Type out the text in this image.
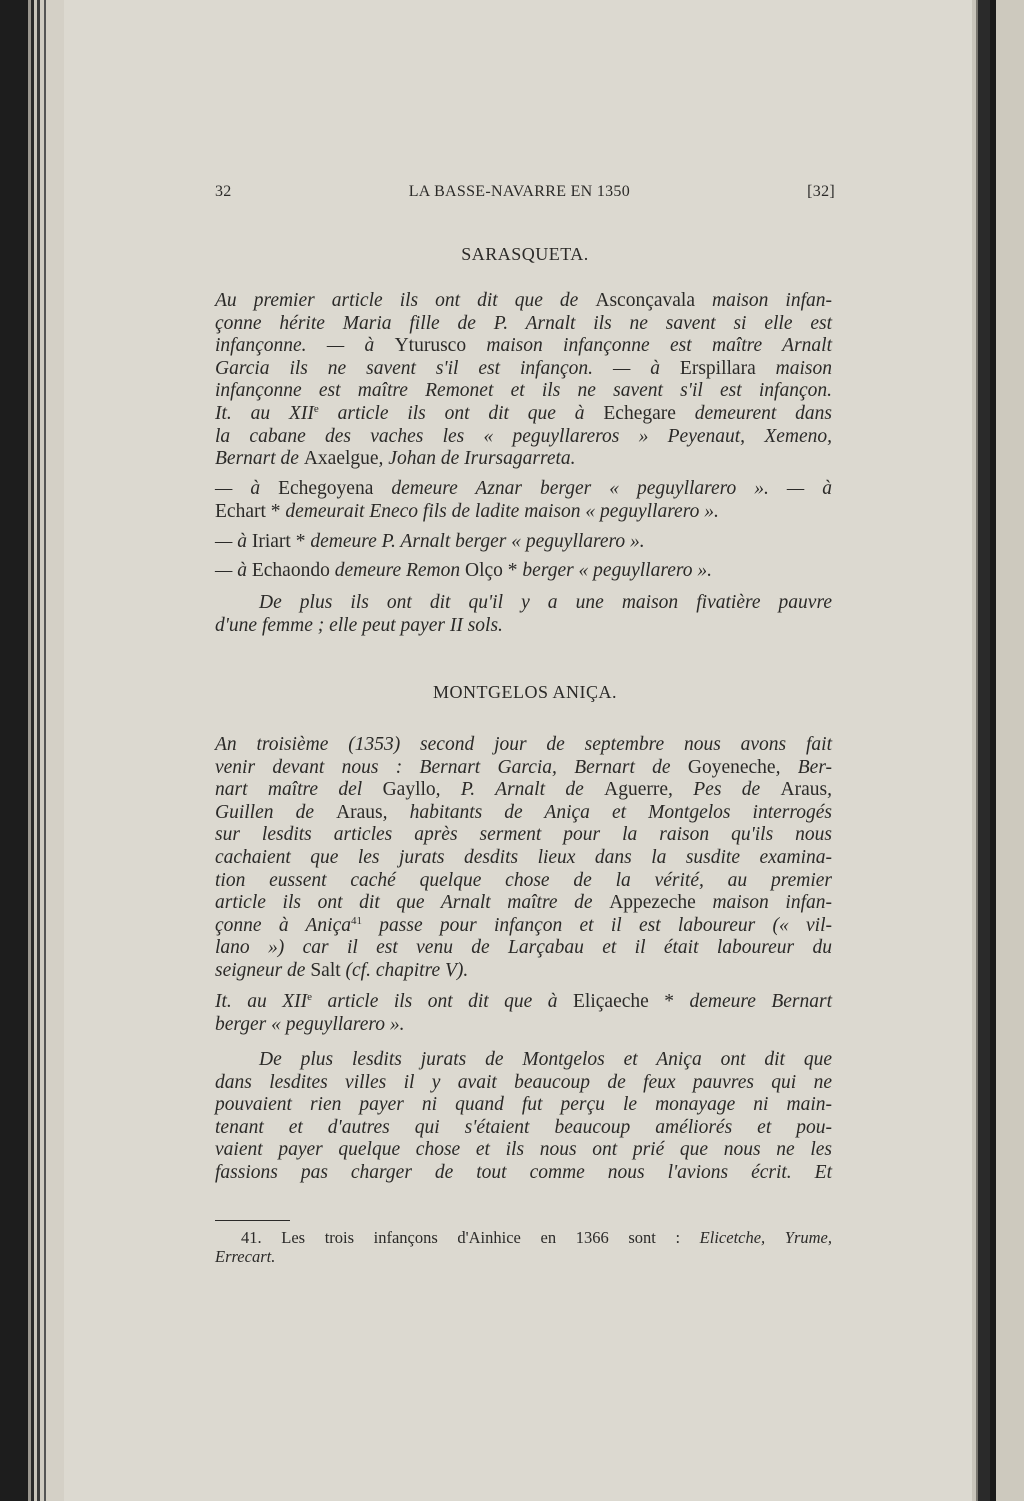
32	LA BASSE-NAVARRE EN 1350	[32]
SARASQUETA.
MONTGELOS ANIÇA.
Au premier article ils ont dit que de Asconçavala maison infan-
çonne hérite Maria fille de P. Arnalt ils ne savent si elle est
infançonne. — à Yturusco maison infançonne est maître Arnalt
Garcia ils ne savent s'il est infançon. — à Erspillara maison
infançonne est maître Remonet et ils ne savent s'il est infançon.
It. au XIIe article ils ont dit que à Echegare demeurent dans
la cabane des vaches les « peguyllareros » Peyenaut, Xemeno,
Bernart de Axaelgue, Johan de Irursagarreta.
— à Echegoyena demeure Aznar berger « peguyllarero ». — à
Echart * demeurait Eneco fils de ladite maison « peguyllarero ».
— à Iriart * demeure P. Arnalt berger « peguyllarero ».
— à Echaondo demeure Remon Olço * berger « peguyllarero ».
De plus ils ont dit qu'il y a une maison fivatière pauvre
d'une femme ; elle peut payer II sols.
An troisième (1353) second jour de septembre nous avons fait
venir devant nous : Bernart Garcia, Bernart de Goyeneche, Ber-
nart maître del Gayllo, P. Arnalt de Aguerre, Pes de Araus,
Guillen de Araus, habitants de Aniça et Montgelos interrogés
sur lesdits articles après serment pour la raison qu'ils nous
cachaient que les jurats desdits lieux dans la susdite examina-
tion eussent caché quelque chose de la vérité, au premier
article ils ont dit que Arnalt maître de Appezeche maison infan-
çonne à Aniça$^{41}$ passe pour infançon et il est laboureur (« vil-
lano ») car il est venu de Larçabau et il était laboureur du
seigneur de Salt (cf. chapitre V).
It. au XIIe article ils ont dit que à Eliçaeche * demeure Bernart
berger « peguyllarero ».
De plus lesdits jurats de Montgelos et Aniça ont dit que
dans lesdites villes il y avait beaucoup de feux pauvres qui ne
pouvaient rien payer ni quand fut perçu le monayage ni main-
tenant et d'autres qui s'étaient beaucoup améliorés et pou-
vaient payer quelque chose et ils nous ont prié que nous ne les
fassions pas charger de tout comme nous l'avions écrit. Et
41. Les trois infançons d'Ainhice en 1366 sont : Elicetche, Yrume,
Errecart.
